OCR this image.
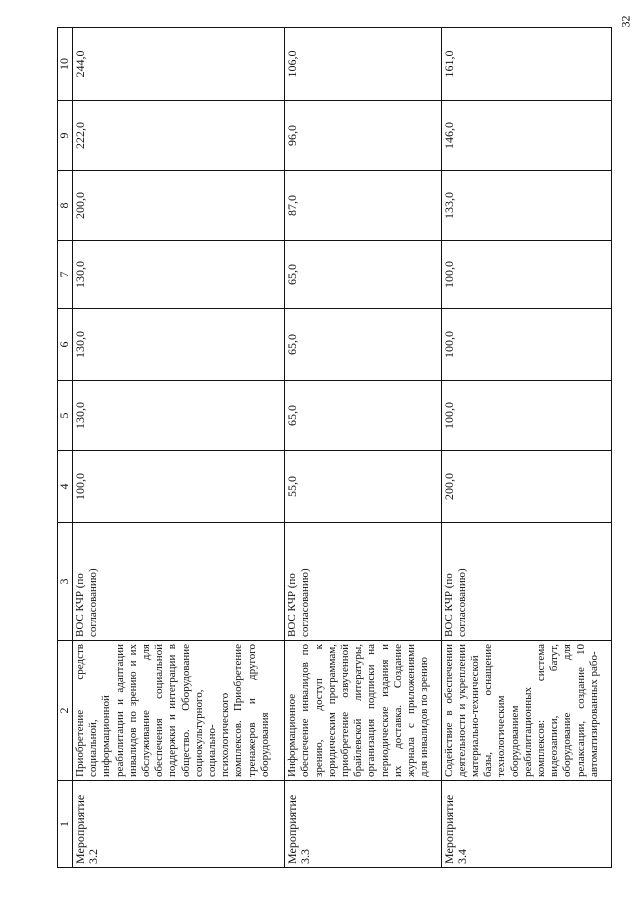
32
1	2	3	4	5	6	7	8	9	10
Мероприятие 3.2	Приобретение средств социальной, информационной реабилитации и адаптации инвалидов по зрению и их обслуживание для обеспечения социальной поддержки и интеграции в общество. Оборудование социокультурного, социально-психологического комплексов. Приобретение тренажеров и другого оборудования	ВОС КЧР (по согласованию)	100,0	130,0	130,0	130,0	200,0	222,0	244,0
Мероприятие 3.3	Информационное обеспечение инвалидов по зрению, доступ к юридическим программам, приобретение озвученной брайлевской литературы, организация подписки на периодические издания и их доставка. Создание журнала с приложениями для инвалидов по зрению	ВОС КЧР (по согласованию)	55,0	65,0	65,0	65,0	87,0	96,0	106,0
Мероприятие 3.4	Содействие в обеспечении деятельности и укреплении материально-технической базы, оснащение технологическим оборудованием реабилитационных комплексов: система видеозаписи, батут, оборудование для релаксации, создание 10 автоматизированных рабо-	ВОС КЧР (по согласованию)	200,0	100,0	100,0	100,0	133,0	146,0	161,0
